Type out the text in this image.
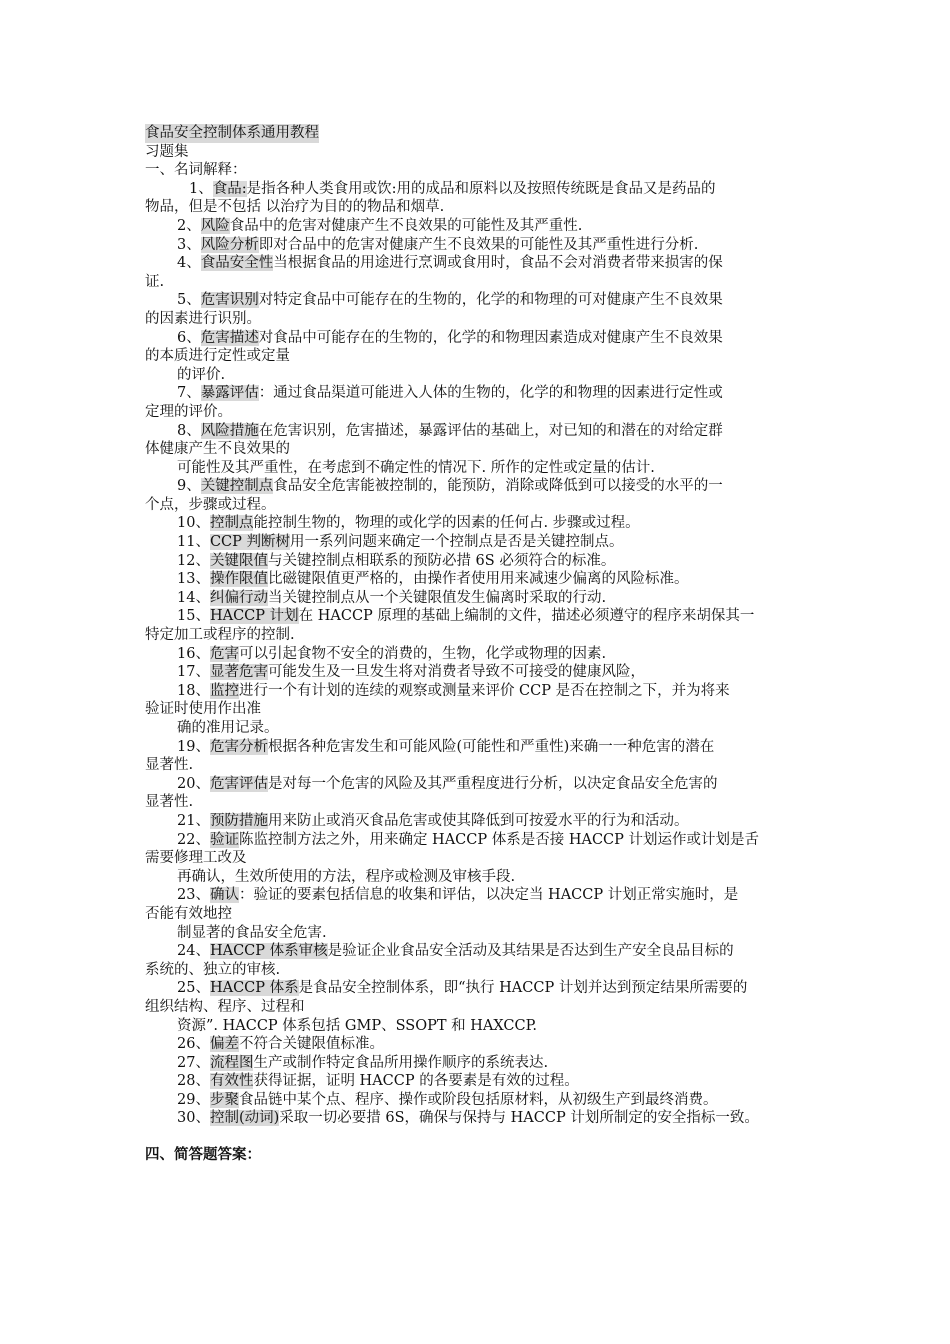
食品安全控制体系通用教程
习题集
一、名词解释：
1、食品:是指各种人类食用或饮:用的成品和原料以及按照传统既是食品又是药品的
物品，但是不包括 以治疗为目的的物品和烟草.
2、风险食品中的危害对健康产生不良效果的可能性及其严重性.
3、风险分析即对合品中的危害对健康产生不良效果的可能性及其严重性进行分析.
4、食品安全性当根据食品的用途进行烹调或食用时，食品不会对消费者带来损害的保
证.
5、危害识别对特定食品中可能存在的生物的，化学的和物理的可对健康产生不良效果
的因素进行识别。
6、危害描述对食品中可能存在的生物的，化学的和物理因素造成对健康产生不良效果
的本质进行定性或定量
的评价.
7、暴露评估：通过食品渠道可能进入人体的生物的，化学的和物理的因素进行定性或
定理的评价。
8、风险措施在危害识别，危害描述，暴露评估的基础上，对已知的和潜在的对给定群
体健康产生不良效果的
可能性及其严重性，在考虑到不确定性的情况下. 所作的定性或定量的估计.
9、关键控制点食品安全危害能被控制的，能预防，消除或降低到可以接受的水平的一
个点，步骤或过程。
10、控制点能控制生物的，物理的或化学的因素的任何占. 步骤或过程。
11、CCP 判断树用一系列问题来确定一个控制点是否是关键控制点。
12、关键限值与关键控制点相联系的预防必措 6S 必须符合的标准。
13、操作限值比磁键限值更严格的，由操作者使用用来减速少偏离的风险标准。
14、纠偏行动当关键控制点从一个关键限值发生偏离时采取的行动.
15、HACCP 计划在 HACCP 原理的基础上编制的文件，描述必须遵守的程序来胡保其一
特定加工或程序的控制.
16、危害可以引起食物不安全的消费的，生物，化学或物理的因素.
17、显著危害可能发生及一旦发生将对消费者导致不可接受的健康风险，
18、监控进行一个有计划的连续的观察或测量来评价 CCP 是否在控制之下，并为将来
验证时使用作出准
确的准用记录。
19、危害分析根据各种危害发生和可能风险(可能性和严重性)来确一一种危害的潜在
显著性.
20、危害评估是对每一个危害的风险及其严重程度进行分析，以决定食品安全危害的
显著性.
21、预防措施用来防止或消灭食品危害或使其降低到可按爱水平的行为和活动。
22、验证陈监控制方法之外，用来确定 HACCP 体系是否接 HACCP 计划运作或计划是舌
需要修理工改及
再确认，生效所使用的方法，程序或检测及审核手段.
23、确认：验证的要素包括信息的收集和评估，以决定当 HACCP 计划正常实施时，是
否能有效地控
制显著的食品安全危害.
24、HACCP 体系审核是验证企业食品安全活动及其结果是否达到生产安全良品目标的
系统的、独立的审核.
25、HACCP 体系是食品安全控制体系，即“执行 HACCP 计划并达到预定结果所需要的
组织结构、程序、过程和
资源”. HACCP 体系包括 GMP、SSOPT 和 HAXCCP.
26、偏差不符合关键限值标准。
27、流程图生产或制作特定食品所用操作顺序的系统表达.
28、有效性获得证据，证明 HACCP 的各要素是有效的过程。
29、步聚食品链中某个点、程序、操作或阶段包括原材料，从初级生产到最终消费。
30、控制(动词)采取一切必要措 6S，确保与保持与 HACCP 计划所制定的安全指标一致。
四、简答题答案：
